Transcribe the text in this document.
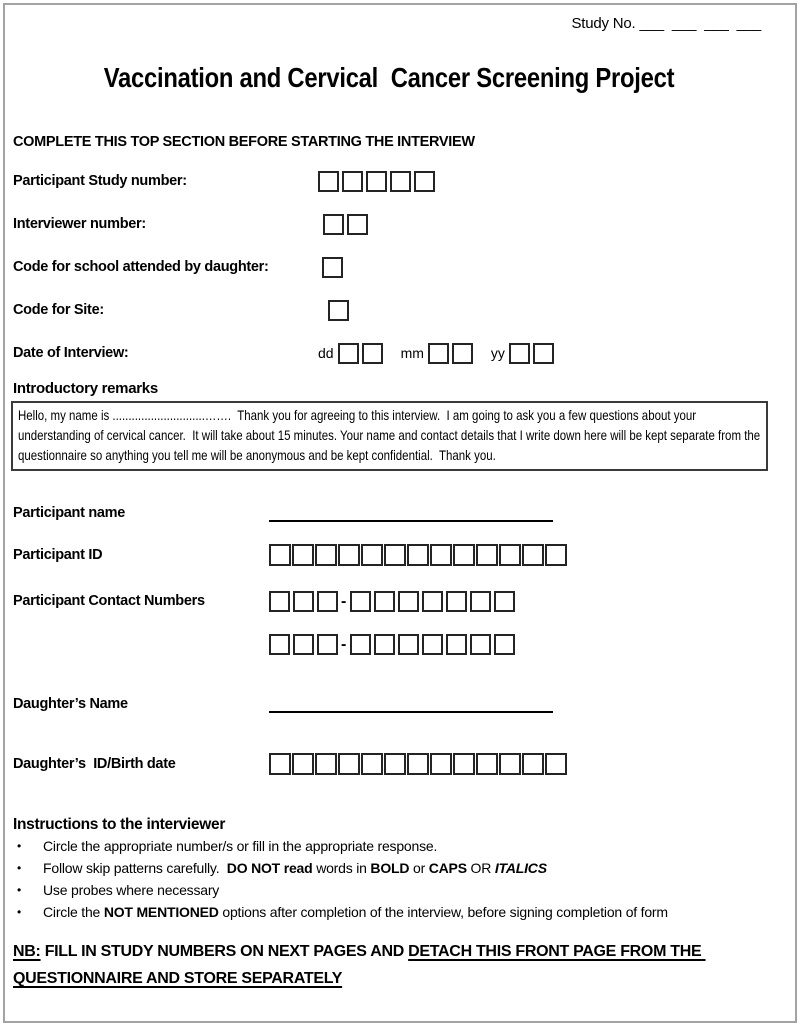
Study No. ___  ___  ___  ___
Vaccination and Cervical  Cancer Screening Project
COMPLETE THIS TOP SECTION BEFORE STARTING THE INTERVIEW
Participant Study number:
Interviewer number:
Code for school attended by daughter:
Code for Site:
Date of Interview:	dd	mm	yy
Introductory remarks
Hello, my name is .............................…….  Thank you for agreeing to this interview.  I am going to ask you a few questions about your understanding of cervical cancer.  It will take about 15 minutes. Your name and contact details that I write down here will be kept separate from the questionnaire so anything you tell me will be anonymous and be kept confidential.  Thank you.
Participant name
Participant ID
Participant Contact Numbers	-
-
Daughter’s Name
Daughter’s  ID/Birth date
Instructions to the interviewer
•	Circle the appropriate number/s or fill in the appropriate response.
•	Follow skip patterns carefully.  DO NOT read words in BOLD or CAPS OR ITALICS
•	Use probes where necessary
•	Circle the NOT MENTIONED options after completion of the interview, before signing completion of form
NB: FILL IN STUDY NUMBERS ON NEXT PAGES AND DETACH THIS FRONT PAGE FROM THE QUESTIONNAIRE AND STORE SEPARATELY
